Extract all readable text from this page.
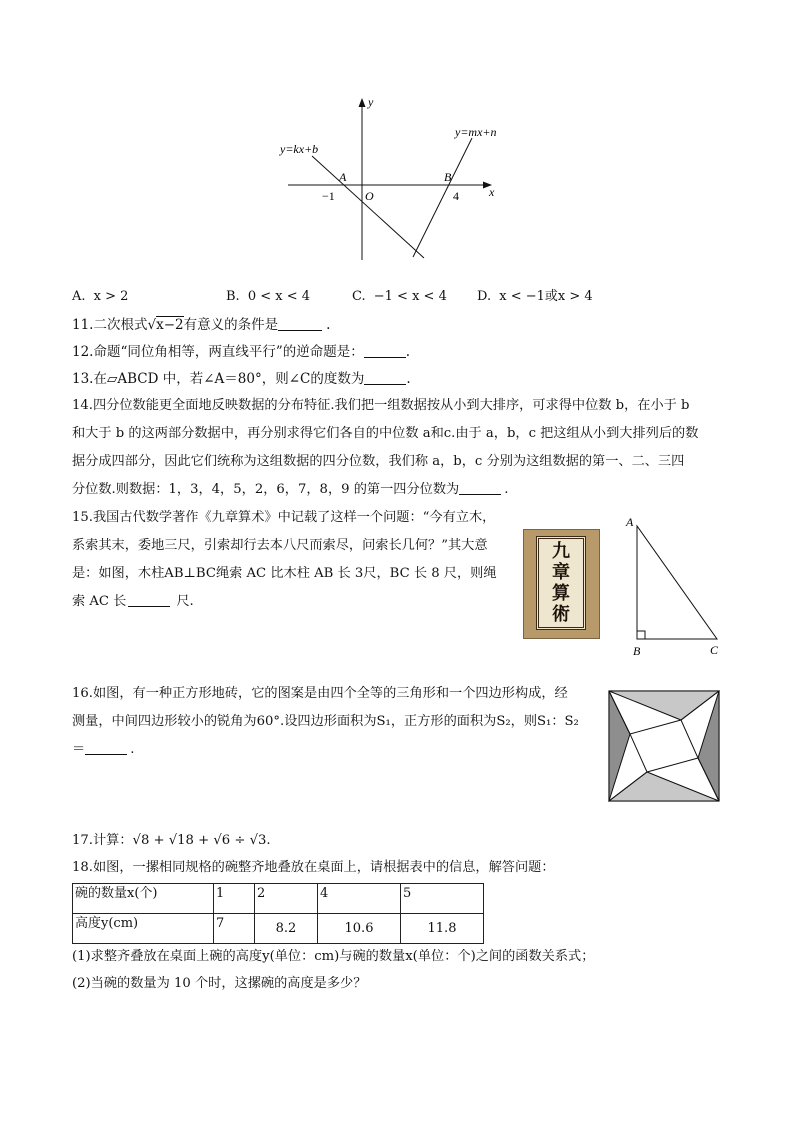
y
x
y=kx+b
y=mx+n
A	B
O
−1	4
A. x > 2	B. 0 < x < 4	C. −1 < x < 4 D. x < −1或x > 4
11.二次根式√x−2有意义的条件是	.
12.命题“同位角相等，两直线平行”的逆命题是：	.
13.在▱ABCD 中，若∠A＝80°，则∠C的度数为	.
14.四分位数能更全面地反映数据的分布特征.我们把一组数据按从小到大排序，可求得中位数 b，在小于 b
和大于 b 的这两部分数据中，再分别求得它们各自的中位数 a和c.由于 a，b，c 把这组从小到大排列后的数
据分成四部分，因此它们统称为这组数据的四分位数，我们称 a，b，c 分别为这组数据的第一、二、三四
分位数.则数据：1，3，4，5，2，6，7，8，9 的第一四分位数为	.
15.我国古代数学著作《九章算术》中记载了这样一个问题：“今有立木，
系索其末，委地三尺，引索却行去本八尺而索尽，问索长几何？”其大意
是：如图，木柱AB⊥BC绳索 AC 比木柱 AB 长 3尺，BC 长 8 尺，则绳
索 AC 长	尺.
九
章
算
術
A
B	C
16.如图，有一种正方形地砖，它的图案是由四个全等的三角形和一个四边形构成，经
测量，中间四边形较小的锐角为60°.设四边形面积为S₁，正方形的面积为S₂，则S₁：S₂
＝	.
17.计算：√8 + √18 + √6 ÷ √3.
18.如图，一摞相同规格的碗整齐地叠放在桌面上，请根据表中的信息，解答问题：
碗的数量x(个)	1	2	4	5
高度y(cm)	7	8.2	10.6	11.8
(1)求整齐叠放在桌面上碗的高度y(单位：cm)与碗的数量x(单位：个)之间的函数关系式；
(2)当碗的数量为 10 个时，这摞碗的高度是多少？
